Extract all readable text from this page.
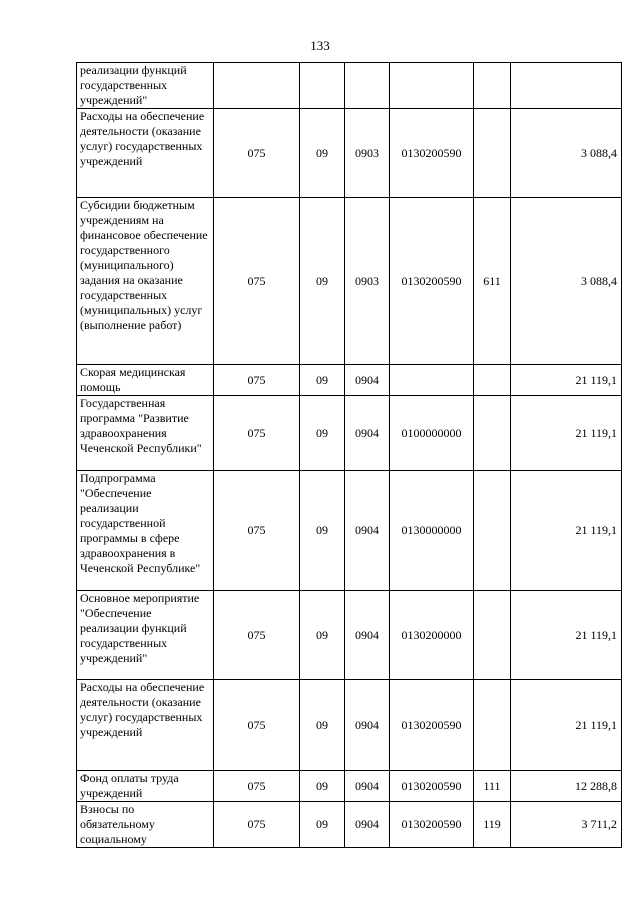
133
реализации функций государственных учреждений"						
Расходы на обеспечение деятельности (оказание услуг) государственных учреждений	075	09	0903	0130200590		3 088,4
Субсидии бюджетным учреждениям на финансовое обеспечение государственного (муниципального) задания на оказание государственных (муниципальных) услуг (выполнение работ)	075	09	0903	0130200590	611	3 088,4
Скорая медицинская помощь	075	09	0904			21 119,1
Государственная программа "Развитие здравоохранения Чеченской Республики"	075	09	0904	0100000000		21 119,1
Подпрограмма "Обеспечение реализации государственной программы в сфере здравоохранения в Чеченской Республике"	075	09	0904	0130000000		21 119,1
Основное мероприятие "Обеспечение реализации функций государственных учреждений"	075	09	0904	0130200000		21 119,1
Расходы на обеспечение деятельности (оказание услуг) государственных учреждений	075	09	0904	0130200590		21 119,1
Фонд оплаты труда учреждений	075	09	0904	0130200590	111	12 288,8
Взносы по обязательному социальному	075	09	0904	0130200590	119	3 711,2
